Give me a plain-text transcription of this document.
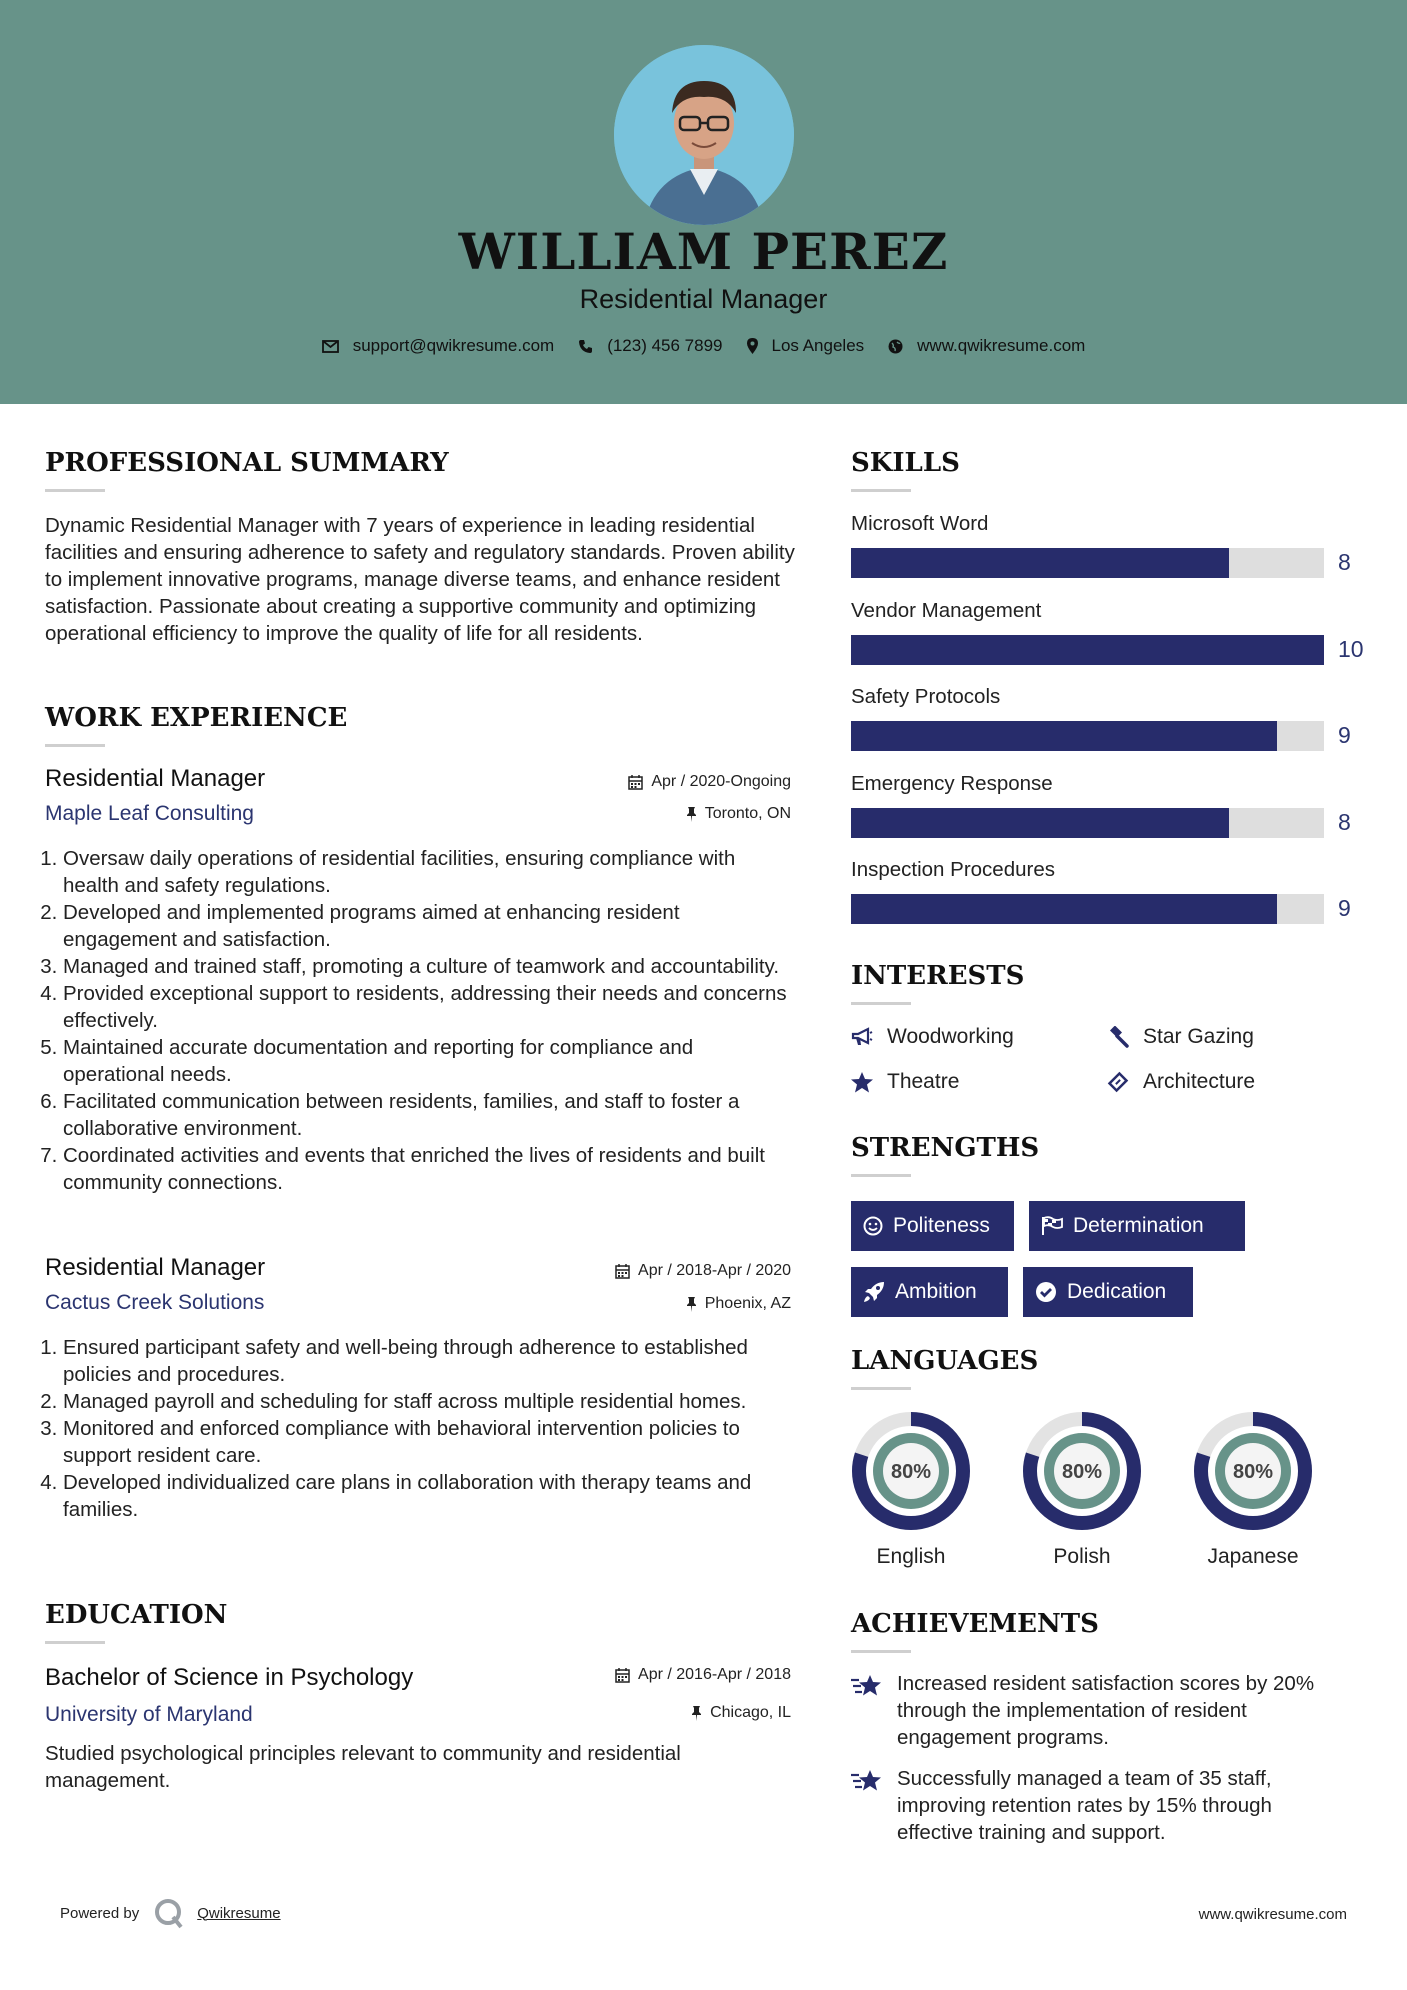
WILLIAM PEREZ
Residential Manager
support@qwikresume.com	(123) 456 7899	Los Angeles	www.qwikresume.com
PROFESSIONAL SUMMARY
Dynamic Residential Manager with 7 years of experience in leading residential facilities and ensuring adherence to safety and regulatory standards. Proven ability to implement innovative programs, manage diverse teams, and enhance resident satisfaction. Passionate about creating a supportive community and optimizing operational efficiency to improve the quality of life for all residents.
WORK EXPERIENCE
Residential Manager	Apr / 2020-Ongoing
Maple Leaf Consulting	Toronto, ON
1. Oversaw daily operations of residential facilities, ensuring compliance with health and safety regulations.
2. Developed and implemented programs aimed at enhancing resident engagement and satisfaction.
3. Managed and trained staff, promoting a culture of teamwork and accountability.
4. Provided exceptional support to residents, addressing their needs and concerns effectively.
5. Maintained accurate documentation and reporting for compliance and operational needs.
6. Facilitated communication between residents, families, and staff to foster a collaborative environment.
7. Coordinated activities and events that enriched the lives of residents and built community connections.
Residential Manager	Apr / 2018-Apr / 2020
Cactus Creek Solutions	Phoenix, AZ
1. Ensured participant safety and well-being through adherence to established policies and procedures.
2. Managed payroll and scheduling for staff across multiple residential homes.
3. Monitored and enforced compliance with behavioral intervention policies to support resident care.
4. Developed individualized care plans in collaboration with therapy teams and families.
EDUCATION
Bachelor of Science in Psychology	Apr / 2016-Apr / 2018
University of Maryland	Chicago, IL
Studied psychological principles relevant to community and residential management.
SKILLS
Microsoft Word
8
Vendor Management
10
Safety Protocols
9
Emergency Response
8
Inspection Procedures
9
INTERESTS
Woodworking	Star Gazing
Theatre	Architecture
STRENGTHS
Politeness	Determination
Ambition	Dedication
LANGUAGES
80%
English
80%
Polish
80%
Japanese
ACHIEVEMENTS
Increased resident satisfaction scores by 20% through the implementation of resident engagement programs.
Successfully managed a team of 35 staff, improving retention rates by 15% through effective training and support.
Powered by	Qwikresume	www.qwikresume.com
